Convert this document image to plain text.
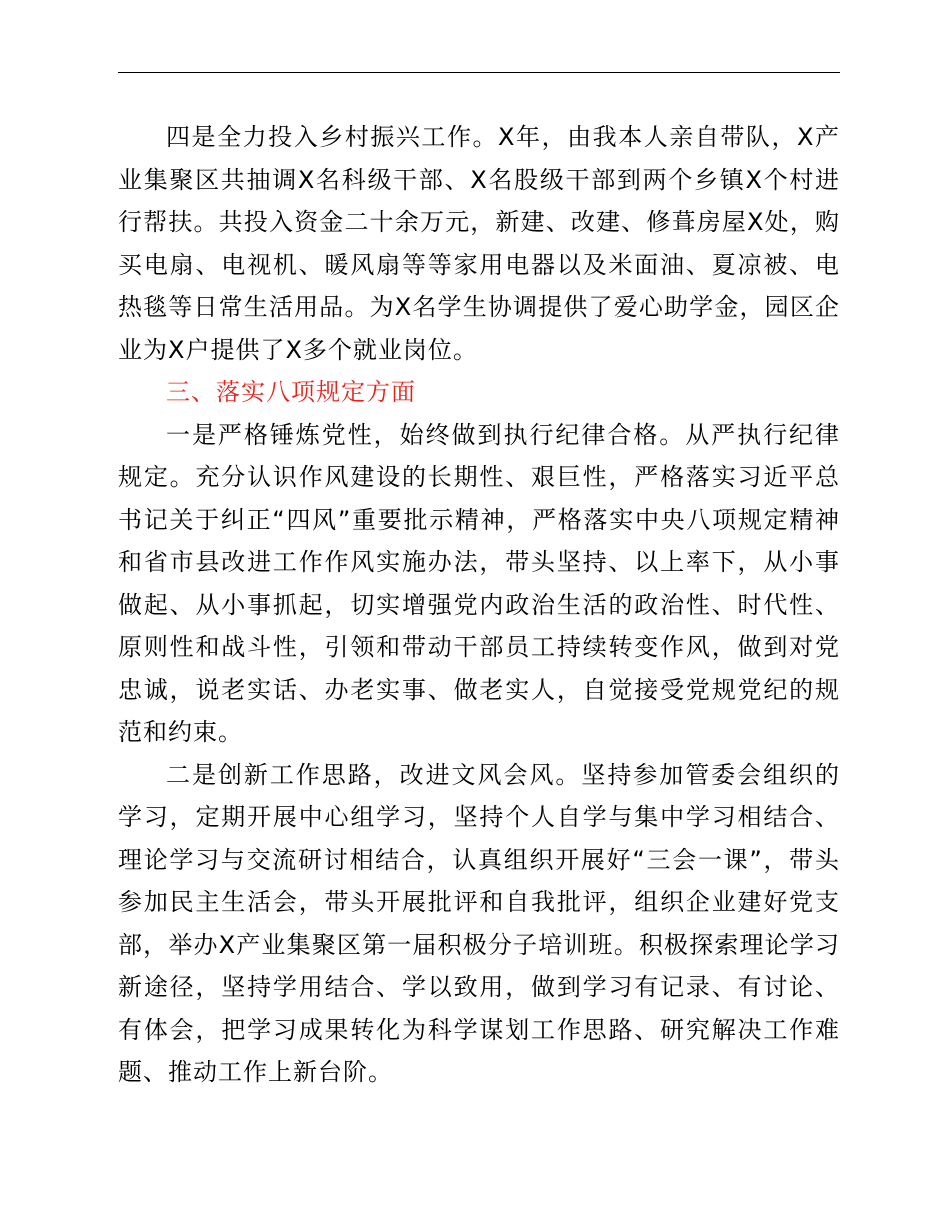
四是全力投入乡村振兴工作。X年，由我本人亲自带队，X产业集聚区共抽调X名科级干部、X名股级干部到两个乡镇X个村进行帮扶。共投入资金二十余万元，新建、改建、修葺房屋X处，购买电扇、电视机、暖风扇等等家用电器以及米面油、夏凉被、电热毯等日常生活用品。为X名学生协调提供了爱心助学金，园区企业为X户提供了X多个就业岗位。

三、落实八项规定方面

一是严格锤炼党性，始终做到执行纪律合格。从严执行纪律规定。充分认识作风建设的长期性、艰巨性，严格落实习近平总书记关于纠正“四风”重要批示精神，严格落实中央八项规定精神和省市县改进工作作风实施办法，带头坚持、以上率下，从小事做起、从小事抓起，切实增强党内政治生活的政治性、时代性、原则性和战斗性，引领和带动干部员工持续转变作风，做到对党忠诚，说老实话、办老实事、做老实人，自觉接受党规党纪的规范和约束。

二是创新工作思路，改进文风会风。坚持参加管委会组织的学习，定期开展中心组学习，坚持个人自学与集中学习相结合、理论学习与交流研讨相结合，认真组织开展好“三会一课”，带头参加民主生活会，带头开展批评和自我批评，组织企业建好党支部，举办X产业集聚区第一届积极分子培训班。积极探索理论学习新途径，坚持学用结合、学以致用，做到学习有记录、有讨论、有体会，把学习成果转化为科学谋划工作思路、研究解决工作难题、推动工作上新台阶。
